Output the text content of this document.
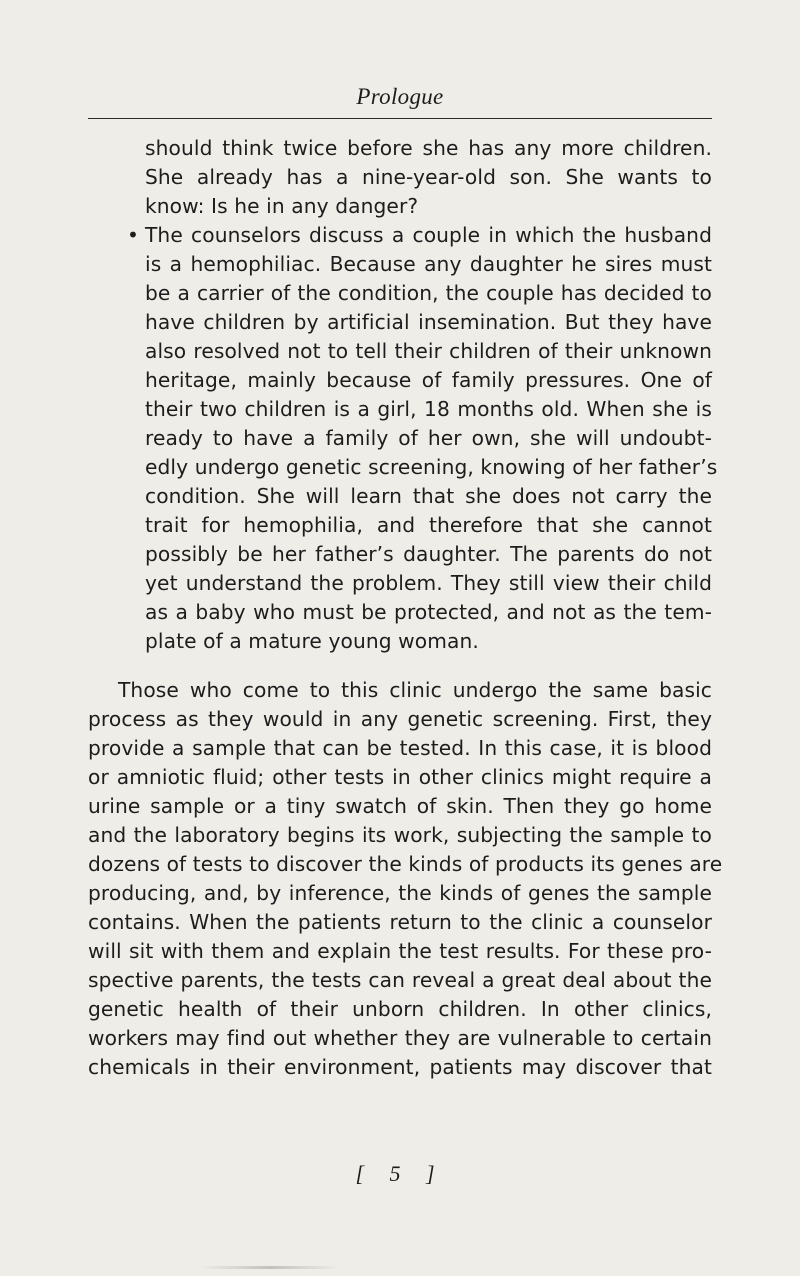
Prologue
should think twice before she has any more children.
She already has a nine-year-old son. She wants to
know: Is he in any danger?
• The counselors discuss a couple in which the husband
is a hemophiliac. Because any daughter he sires must
be a carrier of the condition, the couple has decided to
have children by artificial insemination. But they have
also resolved not to tell their children of their unknown
heritage, mainly because of family pressures. One of
their two children is a girl, 18 months old. When she is
ready to have a family of her own, she will undoubt-
edly undergo genetic screening, knowing of her father’s
condition. She will learn that she does not carry the
trait for hemophilia, and therefore that she cannot
possibly be her father’s daughter. The parents do not
yet understand the problem. They still view their child
as a baby who must be protected, and not as the tem-
plate of a mature young woman.
Those who come to this clinic undergo the same basic
process as they would in any genetic screening. First, they
provide a sample that can be tested. In this case, it is blood
or amniotic fluid; other tests in other clinics might require a
urine sample or a tiny swatch of skin. Then they go home
and the laboratory begins its work, subjecting the sample to
dozens of tests to discover the kinds of products its genes are
producing, and, by inference, the kinds of genes the sample
contains. When the patients return to the clinic a counselor
will sit with them and explain the test results. For these pro-
spective parents, the tests can reveal a great deal about the
genetic health of their unborn children. In other clinics,
workers may find out whether they are vulnerable to certain
chemicals in their environment, patients may discover that
[ 5 ]
